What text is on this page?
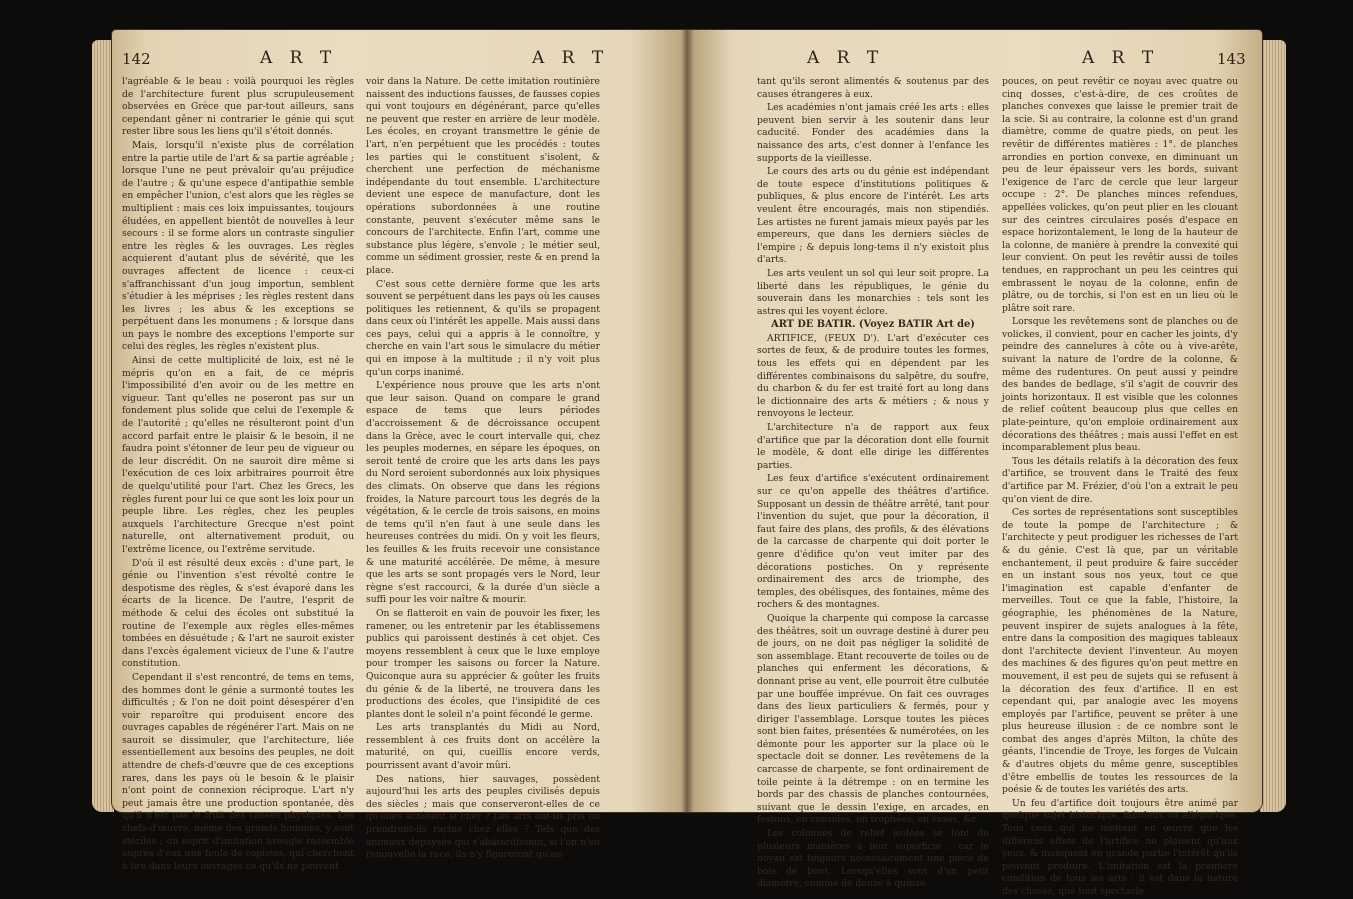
142	A R T	A R T

l'agréable & le beau : voilà pourquoi les règles de l'architecture furent plus scrupuleusement observées en Grèce que par-tout ailleurs, sans cependant gêner ni contrarier le génie qui sçut rester libre sous les liens qu'il s'étoit donnés.

Mais, lorsqu'il n'existe plus de corrélation entre la partie utile de l'art & sa partie agréable ; lorsque l'une ne peut prévaloir qu'au préjudice de l'autre ; & qu'une espece d'antipathie semble en empêcher l'union, c'est alors que les règles se multiplient : mais ces loix impuissantes, toujours éludées, en appellent bientôt de nouvelles à leur secours : il se forme alors un contraste singulier entre les règles & les ouvrages. Les règles acquierent d'autant plus de sévérité, que les ouvrages affectent de licence : ceux-ci s'affranchissant d'un joug importun, semblent s'étudier à les méprises ; les règles restent dans les livres ; les abus & les exceptions se perpétuent dans les monumens ; & lorsque dans un pays le nombre des exceptions l'emporte sur celui des règles, les règles n'existent plus.

Ainsi de cette multiplicité de loix, est né le mépris qu'on en a fait, de ce mépris l'impossibilité d'en avoir ou de les mettre en vigueur. Tant qu'elles ne poseront pas sur un fondement plus solide que celui de l'exemple & de l'autorité ; qu'elles ne résulteront point d'un accord parfait entre le plaisir & le besoin, il ne faudra point s'étonner de leur peu de vigueur ou de leur discrédit. On ne sauroit dire même si l'exécution de ces loix arbitraires pourroit être de quelqu'utilité pour l'art. Chez les Grecs, les règles furent pour lui ce que sont les loix pour un peuple libre. Les règles, chez les peuples auxquels l'architecture Grecque n'est point naturelle, ont alternativement produit, ou l'extrême licence, ou l'extrême servitude.

D'où il est résulté deux excès : d'une part, le génie ou l'invention s'est révolté contre le despotisme des règles, & s'est évaporé dans les écarts de la licence. De l'autre, l'esprit de méthode & celui des écoles ont substitué la routine de l'exemple aux règles elles-mêmes tombées en désuétude ; & l'art ne sauroit exister dans l'excès également vicieux de l'une & l'autre constitution.

Cependant il s'est rencontré, de tems en tems, des hommes dont le génie a surmonté toutes les difficultés ; & l'on ne doit point désespérer d'en voir reparoître qui produisent encore des ouvrages capables de régénérer l'art. Mais on ne sauroit se dissimuler, que l'architecture, liée essentiellement aux besoins des peuples, ne doit attendre de chefs-d'œuvre que de ces exceptions rares, dans les pays où le besoin & le plaisir n'ont point de connexion réciproque. L'art n'y peut jamais être une production spontanée, dès qu'il n'est pas le fruit des causes physiques. Les chefs-d'œuvre, même des grands hommes, y sont stériles ; un esprit d'imitation aveugle rassemble auprès d'eux une foule de copistes, qui cherchent à lire dans leurs ouvrages ce qu'ils ne peuvent

voir dans la Nature. De cette imitation routinière naissent des inductions fausses, de fausses copies qui vont toujours en dégénérant, parce qu'elles ne peuvent que rester en arrière de leur modèle. Les écoles, en croyant transmettre le génie de l'art, n'en perpétuent que les procédés : toutes les parties qui le constituent s'isolent, & cherchent une perfection de méchanisme indépendante du tout ensemble. L'architecture devient une espece de manufacture, dont les opérations subordonnées à une routine constante, peuvent s'exécuter même sans le concours de l'architecte. Enfin l'art, comme une substance plus légère, s'envole ; le métier seul, comme un sédiment grossier, reste & en prend la place.

C'est sous cette dernière forme que les arts souvent se perpétuent dans les pays où les causes politiques les retiennent, & qu'ils se propagent dans ceux où l'intérêt les appelle. Mais aussi dans ces pays, celui qui a appris à le connoître, y cherche en vain l'art sous le simulacre du métier qui en impose à la multitude ; il n'y voit plus qu'un corps inanimé.

L'expérience nous prouve que les arts n'ont que leur saison. Quand on compare le grand espace de tems que leurs périodes d'accroissement & de décroissance occupent dans la Grèce, avec le court intervalle qui, chez les peuples modernes, en sépare les époques, on seroit tenté de croire que les arts dans les pays du Nord seroient subordonnés aux loix physiques des climats. On observe que dans les régions froides, la Nature parcourt tous les degrés de la végétation, & le cercle de trois saisons, en moins de tems qu'il n'en faut à une seule dans les heureuses contrées du midi. On y voit les fleurs, les feuilles & les fruits recevoir une consistance & une maturité accélérée. De même, à mesure que les arts se sont propagés vers le Nord, leur règne s'est raccourci, & la durée d'un siècle a suffi pour les voir naître & mourir.

On se flatteroit en vain de pouvoir les fixer, les ramener, ou les entretenir par les établissemens publics qui paroissent destinés à cet objet. Ces moyens ressemblent à ceux que le luxe employe pour tromper les saisons ou forcer la Nature. Quiconque aura su apprécier & goûter les fruits du génie & de la liberté, ne trouvera dans les productions des écoles, que l'insipidité de ces plantes dont le soleil n'a point fécondé le germe.

Les arts transplantés du Midi au Nord, ressemblent à ces fruits dont on accélère la maturité, on qui, cueillis encore verds, pourrissent avant d'avoir mûri.

Des nations, hier sauvages, possèdent aujourd'hui les arts des peuples civilisés depuis des siècles ; mais que conserveront-elles de ce qu'elles achètent si cher ? Les arts ont-ils pris ou prendront-ils racine chez elles ? Tels que des animaux dépaysés qui s'abâtardissent, si l'on n'en renouvelle la race, ils n'y figureront qu'au-

A R T	A R T	143

tant qu'ils seront alimentés & soutenus par des causes étrangeres à eux.

Les académies n'ont jamais créé les arts : elles peuvent bien servir à les soutenir dans leur caducité. Fonder des académies dans la naissance des arts, c'est donner à l'enfance les supports de la vieillesse.

Le cours des arts ou du génie est indépendant de toute espece d'institutions politiques & publiques, & plus encore de l'intérêt. Les arts veulent être encouragés, mais non stipendiés. Les artistes ne furent jamais mieux payés par les empereurs, que dans les derniers siècles de l'empire ; & depuis long-tems il n'y existoit plus d'arts.

Les arts veulent un sol qui leur soit propre. La liberté dans les républiques, le génie du souverain dans les monarchies : tels sont les astres qui les voyent éclore.

ART DE BATIR. (Voyez BATIR Art de)

ARTIFICE, (FEUX D'). L'art d'exécuter ces sortes de feux, & de produire toutes les formes, tous les effets qui en dépendent par les différentes combinaisons du salpêtre, du soufre, du charbon & du fer est traité fort au long dans le dictionnaire des arts & métiers ; & nous y renvoyons le lecteur.

L'architecture n'a de rapport aux feux d'artifice que par la décoration dont elle fournit le modèle, & dont elle dirige les différentes parties.

Les feux d'artifice s'exécutent ordinairement sur ce qu'on appelle des théâtres d'artifice. Supposant un dessin de théâtre arrêté, tant pour l'invention du sujet, que pour la décoration, il faut faire des plans, des profils, & des élévations de la carcasse de charpente qui doit porter le genre d'édifice qu'on veut imiter par des décorations postiches. On y représente ordinairement des arcs de triomphe, des temples, des obélisques, des fontaines, même des rochers & des montagnes.

Quoique la charpente qui compose la carcasse des théâtres, soit un ouvrage destiné à durer peu de jours, on ne doit pas négliger la solidité de son assemblage. Etant recouverte de toiles ou de planches qui enferment les décorations, & donnant prise au vent, elle pourroit être culbutée par une bouffée imprévue. On fait ces ouvrages dans des lieux particuliers & fermés, pour y diriger l'assemblage. Lorsque toutes les pièces sont bien faites, présentées & numérotées, on les démonte pour les apporter sur la place où le spectacle doit se donner. Les revêtemens de la carcasse de charpente, se font ordinairement de toile peinte à la détrempe : on en termine les bords par des chassis de planches contournées, suivant que le dessin l'exige, en arcades, en festons, en consoles, en trophées, en vases, &c.

Les colonnes de relief isolées se font de plusieurs manières à leur superficie ; car le noyau est toujours nécessairement une pièce de bois de bout. Lorsqu'elles sont d'un petit diamètre, comme de douze à quinze

pouces, on peut revêtir ce noyau avec quatre ou cinq dosses, c'est-à-dire, de ces croûtes de planches convexes que laisse le premier trait de la scie. Si au contraire, la colonne est d'un grand diamètre, comme de quatre pieds, on peut les revêtir de différentes matières : 1°. de planches arrondies en portion convexe, en diminuant un peu de leur épaisseur vers les bords, suivant l'exigence de l'arc de cercle que leur largeur occupe : 2°. De planches minces refendues, appellées volickes, qu'on peut plier en les clouant sur des ceintres circulaires posés d'espace en espace horizontalement, le long de la hauteur de la colonne, de manière à prendre la convexité qui leur convient. On peut les revêtir aussi de toiles tendues, en rapprochant un peu les ceintres qui embrassent le noyau de la colonne, enfin de plâtre, ou de torchis, si l'on est en un lieu où le plâtre soit rare.

Lorsque les revêtemens sont de planches ou de volickes, il convient, pour en cacher les joints, d'y peindre des cannelures à côte ou à vive-arête, suivant la nature de l'ordre de la colonne, & même des rudentures. On peut aussi y peindre des bandes de bedlage, s'il s'agit de couvrir des joints horizontaux. Il est visible que les colonnes de relief coûtent beaucoup plus que celles en plate-peinture, qu'on emploie ordinairement aux décorations des théâtres ; mais aussi l'effet en est incomparablement plus beau.

Tous les détails relatifs à la décoration des feux d'artifice, se trouvent dans le Traité des feux d'artifice par M. Frézier, d'où l'on a extrait le peu qu'on vient de dire.

Ces sortes de représentations sont susceptibles de toute la pompe de l'architecture ; & l'architecte y peut prodiguer les richesses de l'art & du génie. C'est là que, par un véritable enchantement, il peut produire & faire succéder en un instant sous nos yeux, tout ce que l'imagination est capable d'enfanter de merveilles. Tout ce que la fable, l'histoire, la géographie, les phénomènes de la Nature, peuvent inspirer de sujets analogues à la fête, entre dans la composition des magiques tableaux dont l'architecte devient l'inventeur. Au moyen des machines & des figures qu'on peut mettre en mouvement, il est peu de sujets qui se refusent à la décoration des feux d'artifice. Il en est cependant qui, par analogie avec les moyens employés par l'artifice, peuvent se prêter à une plus heureuse illusion : de ce nombre sont le combat des anges d'après Milton, la chûte des géants, l'incendie de Troye, les forges de Vulcain & d'autres objets du même genre, susceptibles d'être embellis de toutes les ressources de la poésie & de toutes les variétés des arts.

Un feu d'artifice doit toujours être animé par quelque sujet historique, fabuleux ou allégorique. Tous ceux qui ne mettent en œuvre que les différens effets de l'artifice ne plaisent qu'aux yeux, & manquent en grande partie l'intérêt qu'ils peuvent produire. L'imitation est la première condition de tous les arts : il est dans la nature des choses, que tout spectacle
